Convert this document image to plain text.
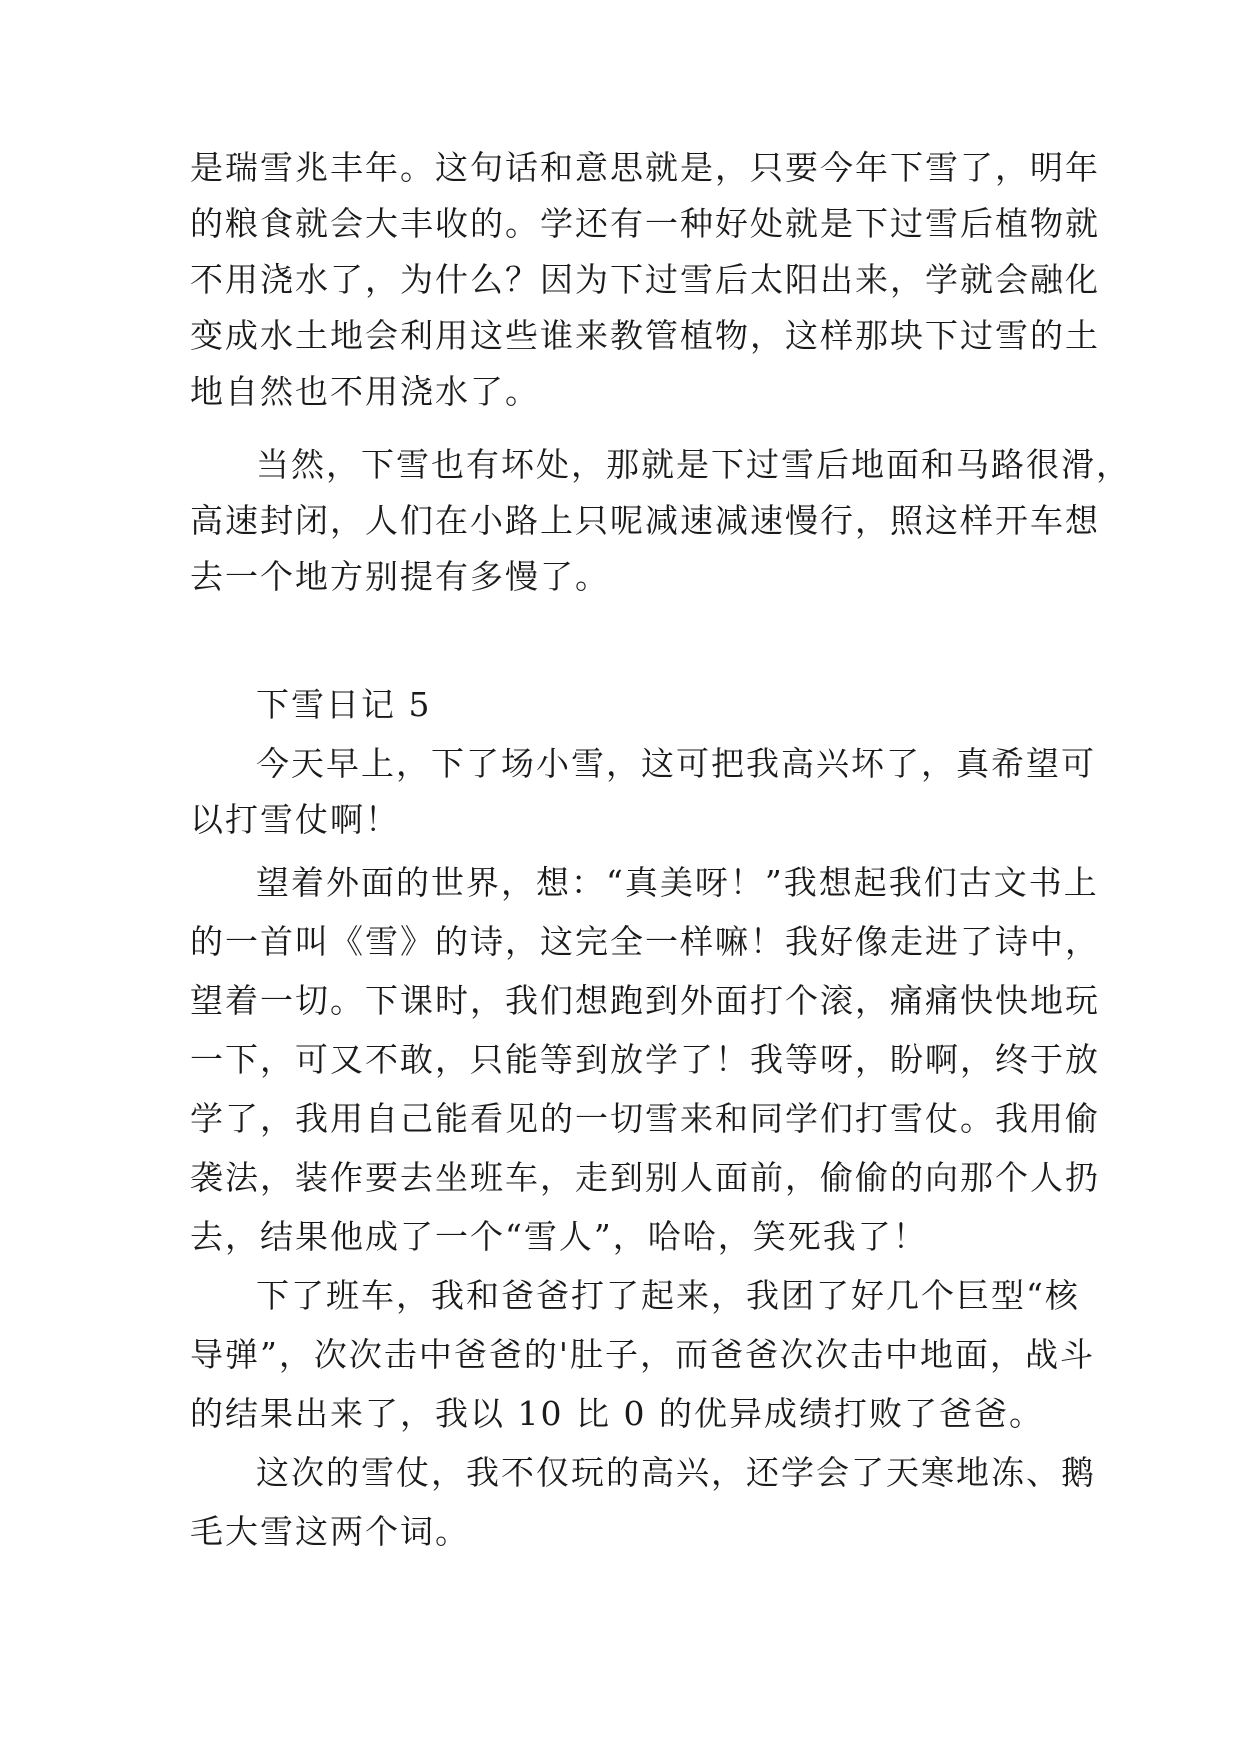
是瑞雪兆丰年。这句话和意思就是，只要今年下雪了，明年
的粮食就会大丰收的。学还有一种好处就是下过雪后植物就
不用浇水了，为什么？因为下过雪后太阳出来，学就会融化
变成水土地会利用这些谁来教管植物，这样那块下过雪的土
地自然也不用浇水了。
当然，下雪也有坏处，那就是下过雪后地面和马路很滑，
高速封闭，人们在小路上只呢减速减速慢行，照这样开车想
去一个地方别提有多慢了。
下雪日记 5
今天早上，下了场小雪，这可把我高兴坏了，真希望可
以打雪仗啊！
望着外面的世界，想：“真美呀！”我想起我们古文书上
的一首叫《雪》的诗，这完全一样嘛！我好像走进了诗中，
望着一切。下课时，我们想跑到外面打个滚，痛痛快快地玩
一下，可又不敢，只能等到放学了！我等呀，盼啊，终于放
学了，我用自己能看见的一切雪来和同学们打雪仗。我用偷
袭法，装作要去坐班车，走到别人面前，偷偷的向那个人扔
去，结果他成了一个“雪人”，哈哈，笑死我了！
下了班车，我和爸爸打了起来，我团了好几个巨型“核
导弹”，次次击中爸爸的'肚子，而爸爸次次击中地面，战斗
的结果出来了，我以 10 比 0 的优异成绩打败了爸爸。
这次的雪仗，我不仅玩的高兴，还学会了天寒地冻、鹅
毛大雪这两个词。
